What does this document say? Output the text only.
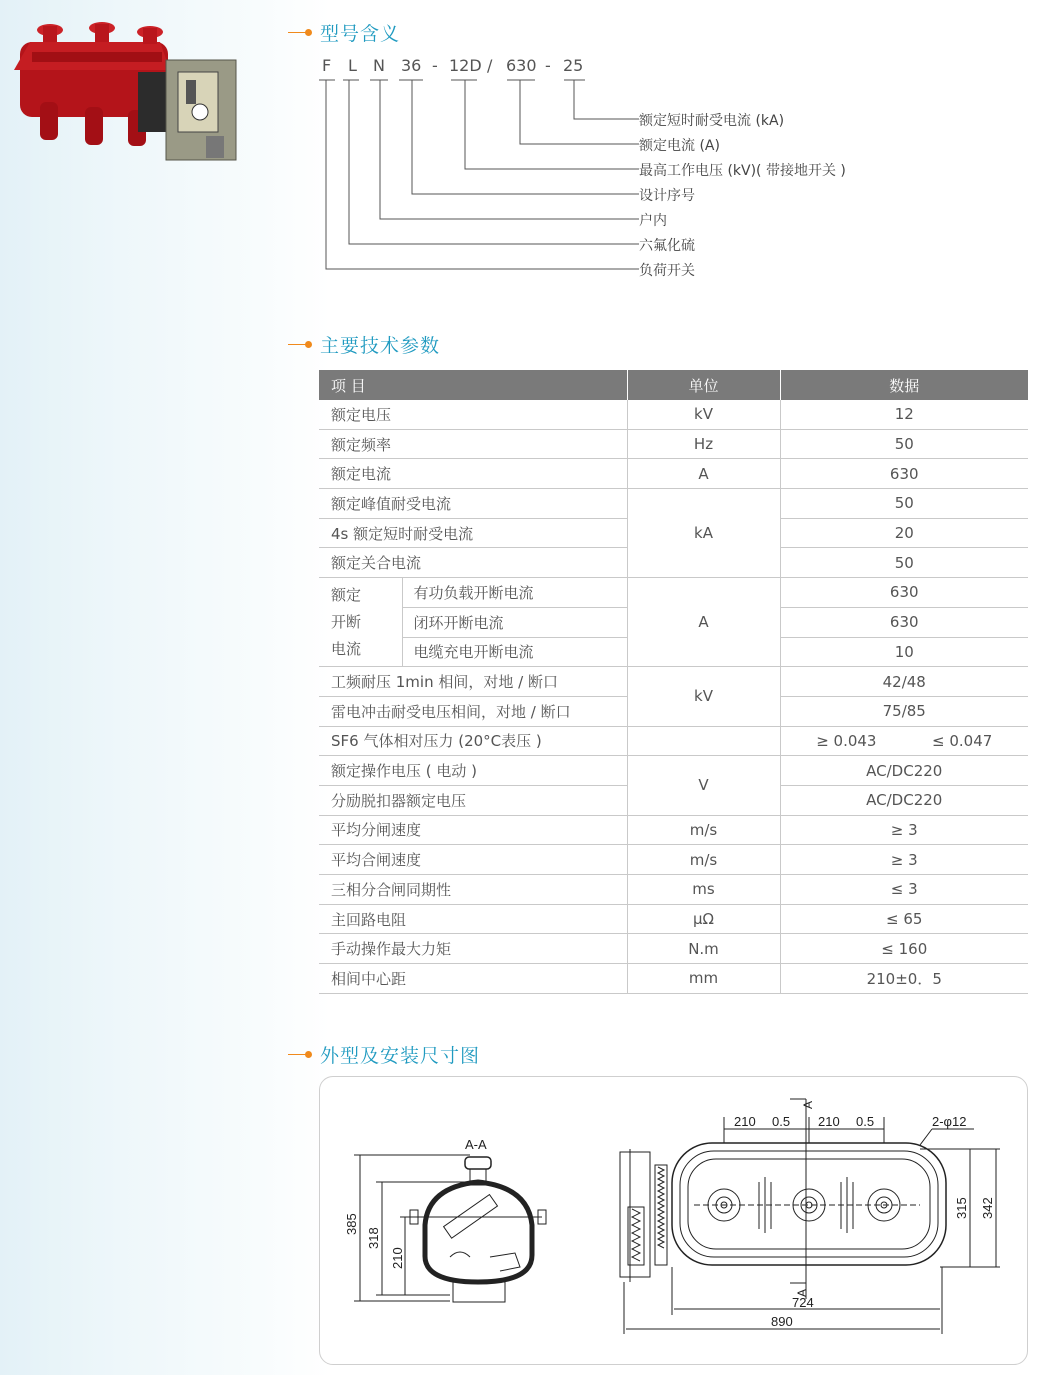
型号含义
F L N 36 - 12D / 630 - 25
额定短时耐受电流 (kA)
额定电流 (A)
最高工作电压 (kV)( 带接地开关 )
设计序号
户内
六氟化硫
负荷开关
主要技术参数
项 目		单位	数据
额定电压		kV	12
额定频率		Hz	50
额定电流		A	630
额定峰值耐受电流		kA	50
4s 额定短时耐受电流			20
额定关合电流			50

额定
开断
电流	有功负载开断电流	A	630
	闭环开断电流		630
	电缆充电开断电流		10
工频耐压 1min 相间，对地 / 断口		kV	42/48
雷电冲击耐受电压相间，对地 / 断口			75/85
SF6 气体相对压力 (20°C表压 )			≥ 0.043 ≤ 0.047
额定操作电压 ( 电动 )		V	AC/DC220
分励脱扣器额定电压			AC/DC220
平均分闸速度		m/s	≥ 3
平均合闸速度		m/s	≥ 3
三相分合闸同期性		ms	≤ 3
主回路电阻		μΩ	≤ 65
手动操作最大力矩		N.m	≤ 160
相间中心距		mm	210±0．5
外型及安装尺寸图
A-A
385
318
210
210 0.5 210 0.5	2-φ12
315 342
724
890
A
A
